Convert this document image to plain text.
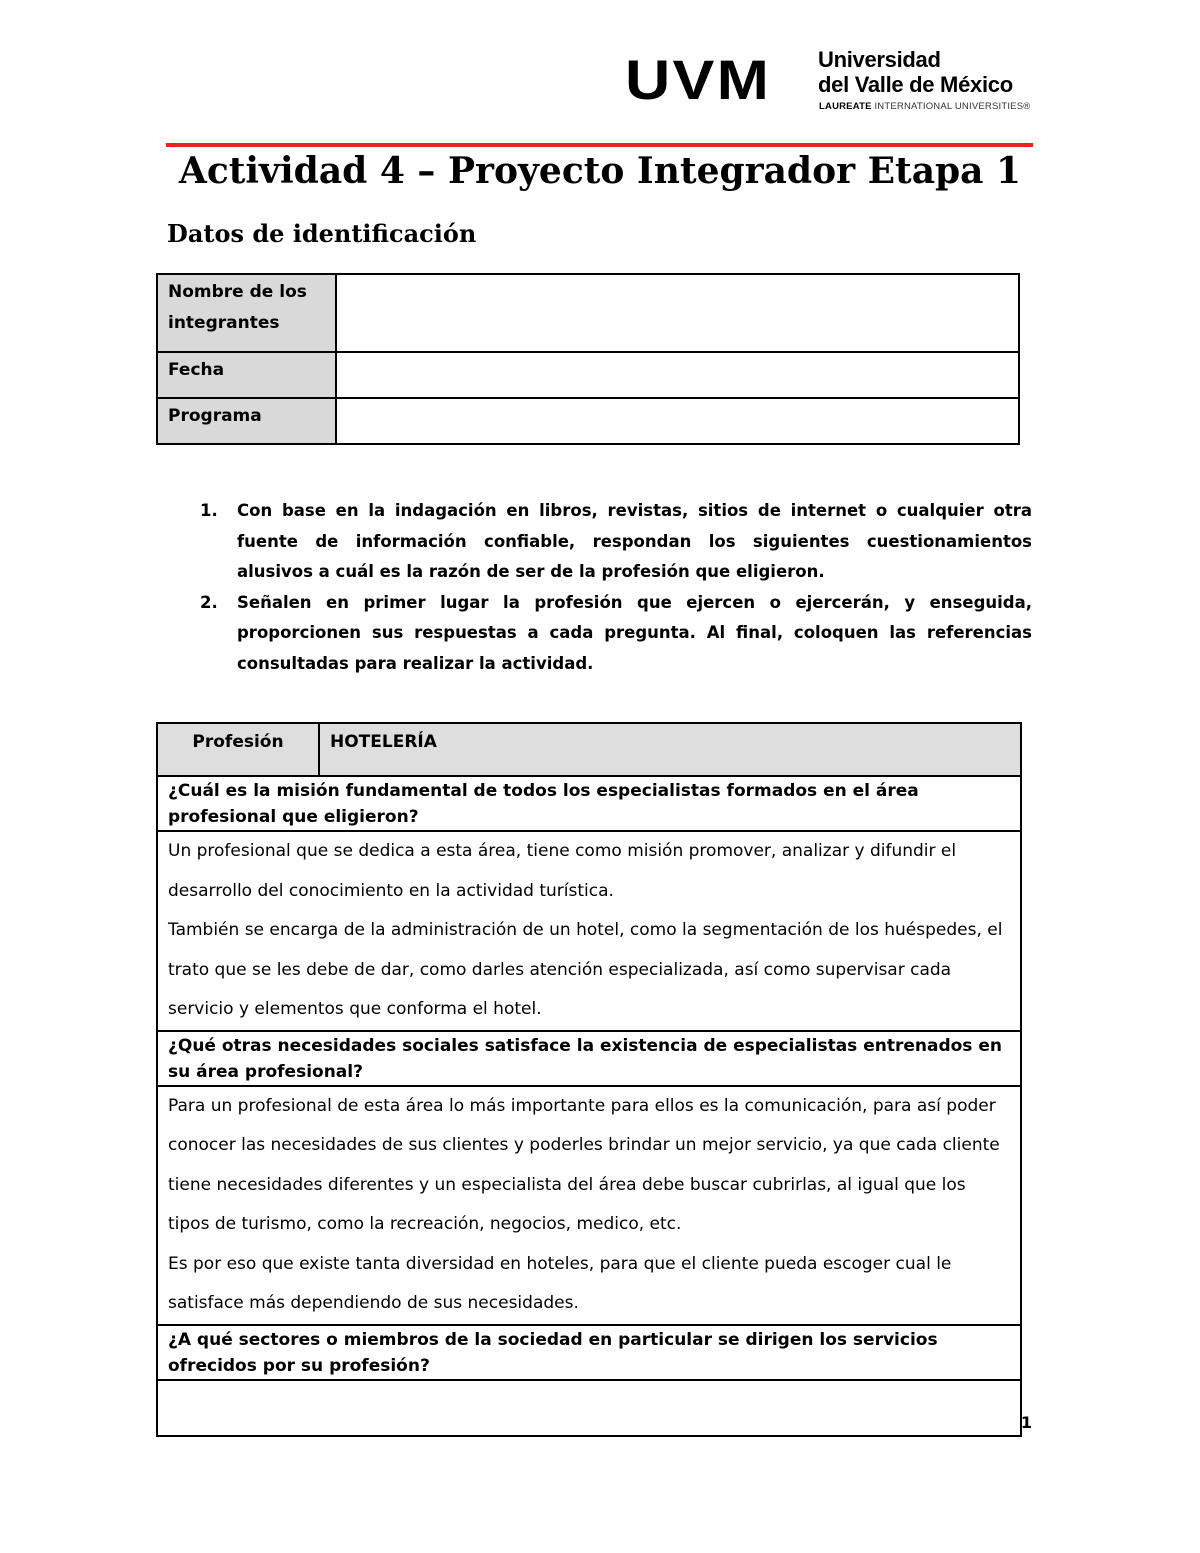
UVM Universidad
del Valle de México
LAUREATE INTERNATIONAL UNIVERSITIES®
Actividad 4 – Proyecto Integrador Etapa 1
Datos de identificación
Nombre de los integrantes	
Fecha	
Programa	
1. Con base en la indagación en libros, revistas, sitios de internet o cualquier otra fuente de información confiable, respondan los siguientes cuestionamientos alusivos a cuál es la razón de ser de la profesión que eligieron.
2. Señalen en primer lugar la profesión que ejercen o ejercerán, y enseguida, proporcionen sus respuestas a cada pregunta. Al final, coloquen las referencias consultadas para realizar la actividad.
Profesión	HOTELERÍA
¿Cuál es la misión fundamental de todos los especialistas formados en el área profesional que eligieron?

Un profesional que se dedica a esta área, tiene como misión promover, analizar y difundir el desarrollo del conocimiento en la actividad turística.

También se encarga de la administración de un hotel, como la segmentación de los huéspedes, el trato que se les debe de dar, como darles atención especializada, así como supervisar cada servicio y elementos que conforma el hotel.

¿Qué otras necesidades sociales satisface la existencia de especialistas entrenados en su área profesional?

Para un profesional de esta área lo más importante para ellos es la comunicación, para así poder conocer las necesidades de sus clientes y poderles brindar un mejor servicio, ya que cada cliente tiene necesidades diferentes y un especialista del área debe buscar cubrirlas, al igual que los tipos de turismo, como la recreación, negocios, medico, etc.

Es por eso que existe tanta diversidad en hoteles, para que el cliente pueda escoger cual le satisface más dependiendo de sus necesidades.

¿A qué sectores o miembros de la sociedad en particular se dirigen los servicios ofrecidos por su profesión?

1
